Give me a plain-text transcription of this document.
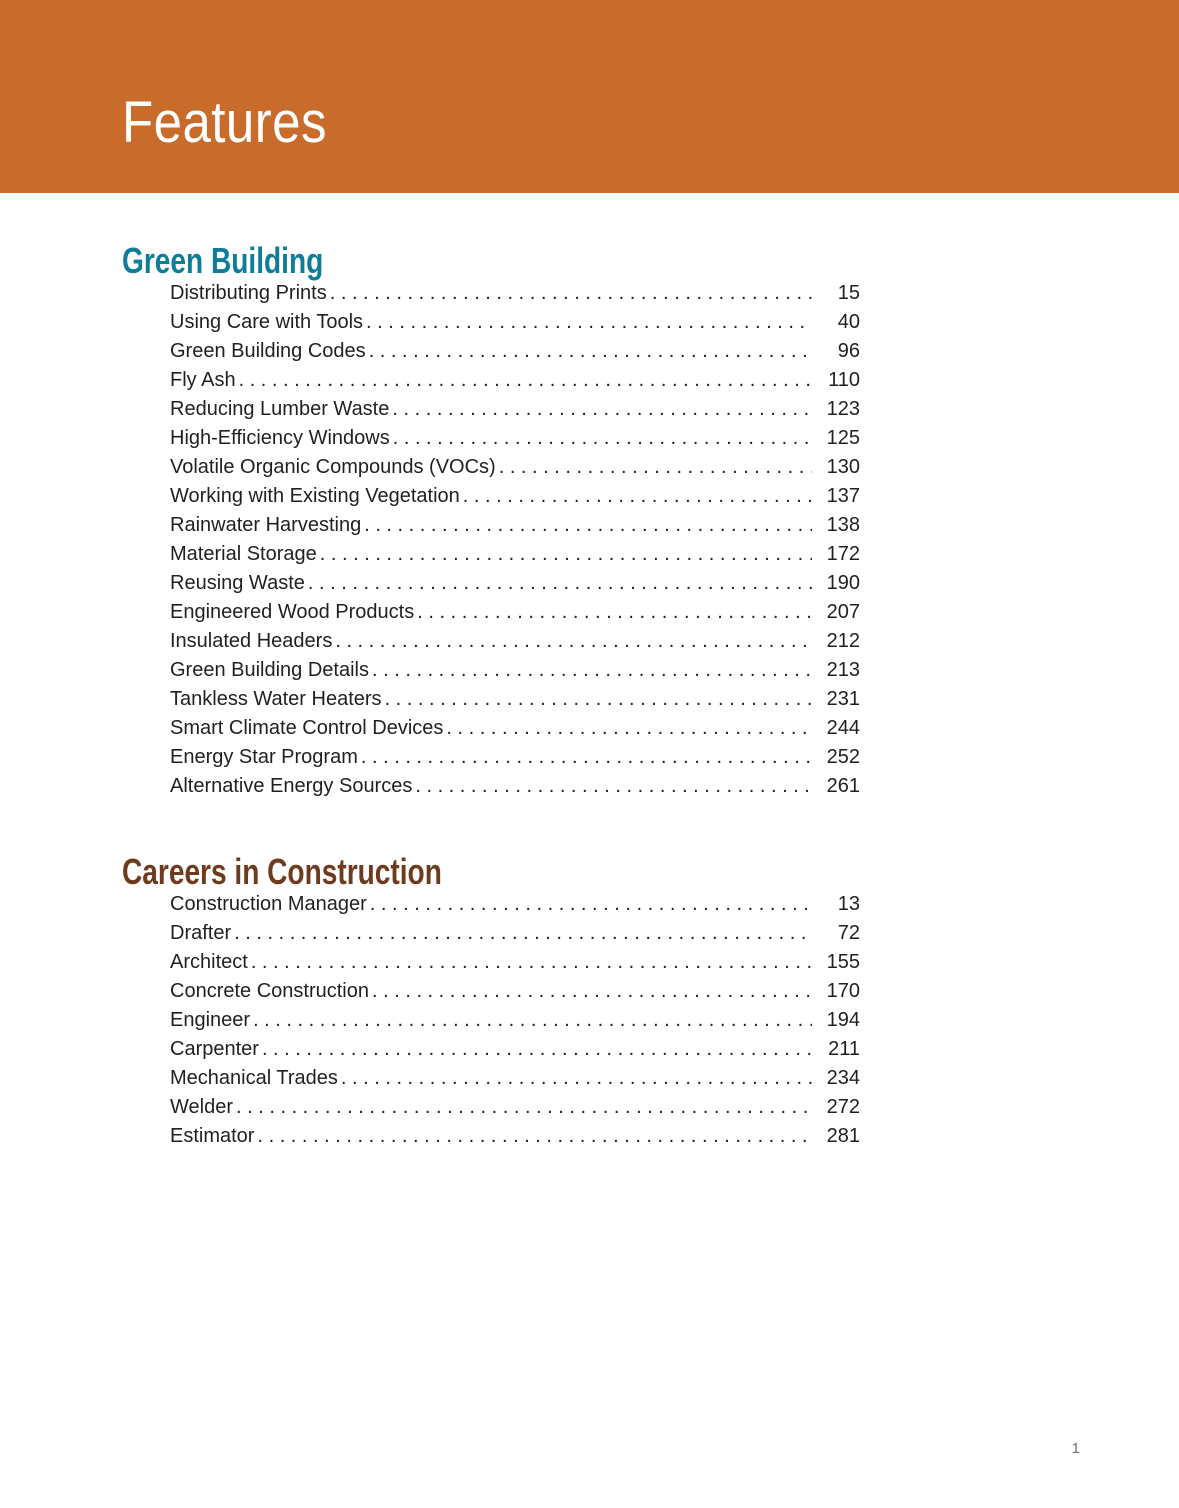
Features
Green Building
Distributing Prints . . .	15
Using Care with Tools . . .	40
Green Building Codes . . .	96
Fly Ash . . .	110
Reducing Lumber Waste . . .	123
High-Efficiency Windows . . .	125
Volatile Organic Compounds (VOCs) . . .	130
Working with Existing Vegetation . . .	137
Rainwater Harvesting . . .	138
Material Storage . . .	172
Reusing Waste . . .	190
Engineered Wood Products . . .	207
Insulated Headers . . .	212
Green Building Details . . .	213
Tankless Water Heaters . . .	231
Smart Climate Control Devices . . .	244
Energy Star Program . . .	252
Alternative Energy Sources . . .	261
Careers in Construction
Construction Manager . . .	13
Drafter . . .	72
Architect . . .	155
Concrete Construction . . .	170
Engineer . . .	194
Carpenter . . .	211
Mechanical Trades . . .	234
Welder . . .	272
Estimator . . .	281
1
